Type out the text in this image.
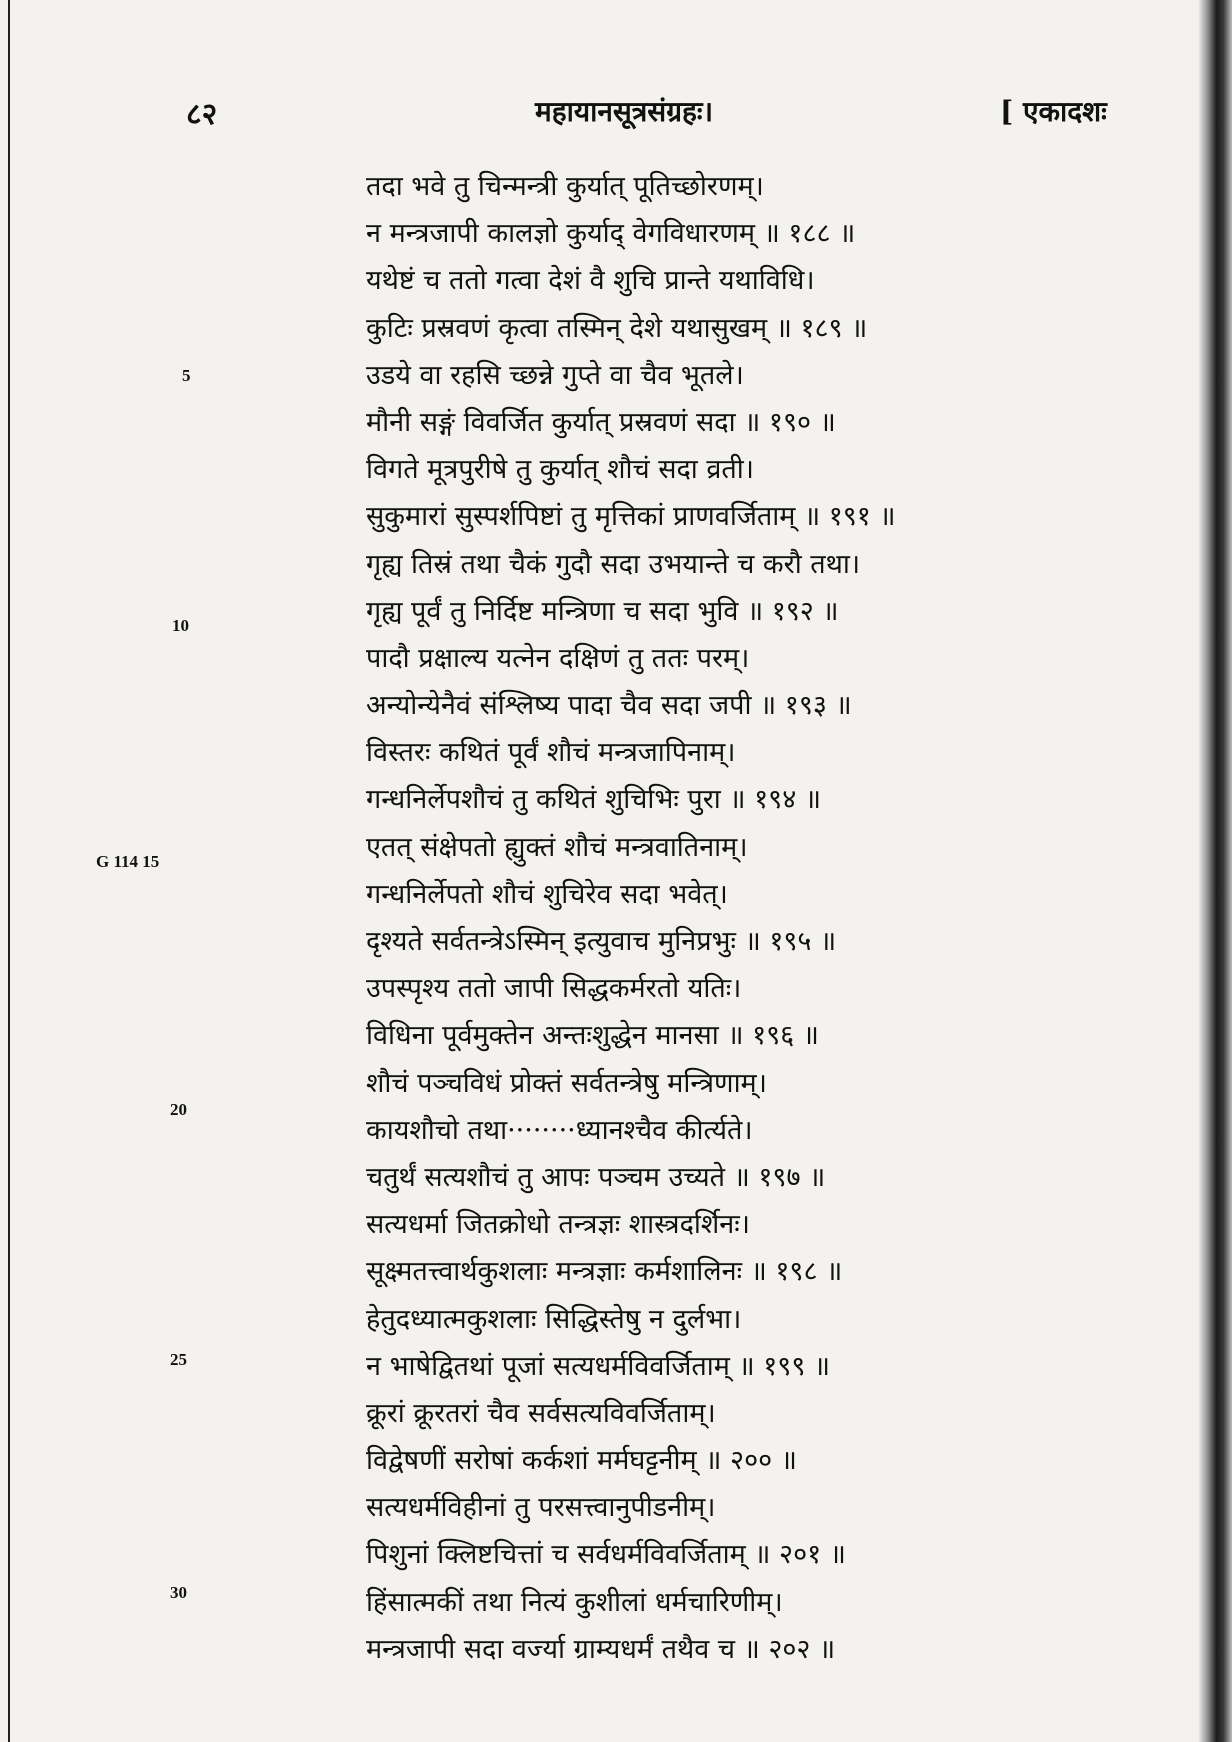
८२	महायानसूत्रसंग्रहः।	[ एकादशः
5
10
G 114 15
20
25
30
तदा भवे तु चिन्मन्त्री कुर्यात् पूतिच्छोरणम्।
न मन्त्रजापी कालज्ञो कुर्याद् वेगविधारणम् ॥ १८८ ॥
यथेष्टं च ततो गत्वा देशं वै शुचि प्रान्ते यथाविधि।
कुटिः प्रस्रवणं कृत्वा तस्मिन् देशे यथासुखम् ॥ १८९ ॥
उडये वा रहसि च्छन्ने गुप्ते वा चैव भूतले।
मौनी सङ्गं विवर्जित कुर्यात् प्रस्रवणं सदा ॥ १९० ॥
विगते मूत्रपुरीषे तु कुर्यात् शौचं सदा व्रती।
सुकुमारां सुस्पर्शपिष्टां तु मृत्तिकां प्राणवर्जिताम् ॥ १९१ ॥
गृह्य तिस्रं तथा चैकं गुदौ सदा उभयान्ते च करौ तथा।
गृह्य पूर्वं तु निर्दिष्ट मन्त्रिणा च सदा भुवि ॥ १९२ ॥
पादौ प्रक्षाल्य यत्नेन दक्षिणं तु ततः परम्।
अन्योन्येनैवं संश्लिष्य पादा चैव सदा जपी ॥ १९३ ॥
विस्तरः कथितं पूर्वं शौचं मन्त्रजापिनाम्।
गन्धनिर्लेपशौचं तु कथितं शुचिभिः पुरा ॥ १९४ ॥
एतत् संक्षेपतो ह्युक्तं शौचं मन्त्रवातिनाम्।
गन्धनिर्लेपतो शौचं शुचिरेव सदा भवेत्।
दृश्यते सर्वतन्त्रेऽस्मिन् इत्युवाच मुनिप्रभुः ॥ १९५ ॥
उपस्पृश्य ततो जापी सिद्धकर्मरतो यतिः।
विधिना पूर्वमुक्तेन अन्तःशुद्धेन मानसा ॥ १९६ ॥
शौचं पञ्चविधं प्रोक्तं सर्वतन्त्रेषु मन्त्रिणाम्।
कायशौचो तथा········ध्यानश्चैव कीर्त्यते।
चतुर्थं सत्यशौचं तु आपः पञ्चम उच्यते ॥ १९७ ॥
सत्यधर्मा जितक्रोधो तन्त्रज्ञः शास्त्रदर्शिनः।
सूक्ष्मतत्त्वार्थकुशलाः मन्त्रज्ञाः कर्मशालिनः ॥ १९८ ॥
हेतुदध्यात्मकुशलाः सिद्धिस्तेषु न दुर्लभा।
न भाषेद्वितथां पूजां सत्यधर्मविवर्जिताम् ॥ १९९ ॥
क्रूरां क्रूरतरां चैव सर्वसत्यविवर्जिताम्।
विद्वेषणीं सरोषां कर्कशां मर्मघट्टनीम् ॥ २०० ॥
सत्यधर्मविहीनां तु परसत्त्वानुपीडनीम्।
पिशुनां क्लिष्टचित्तां च सर्वधर्मविवर्जिताम् ॥ २०१ ॥
हिंसात्मकीं तथा नित्यं कुशीलां धर्मचारिणीम्।
मन्त्रजापी सदा वर्ज्या ग्राम्यधर्मं तथैव च ॥ २०२ ॥
